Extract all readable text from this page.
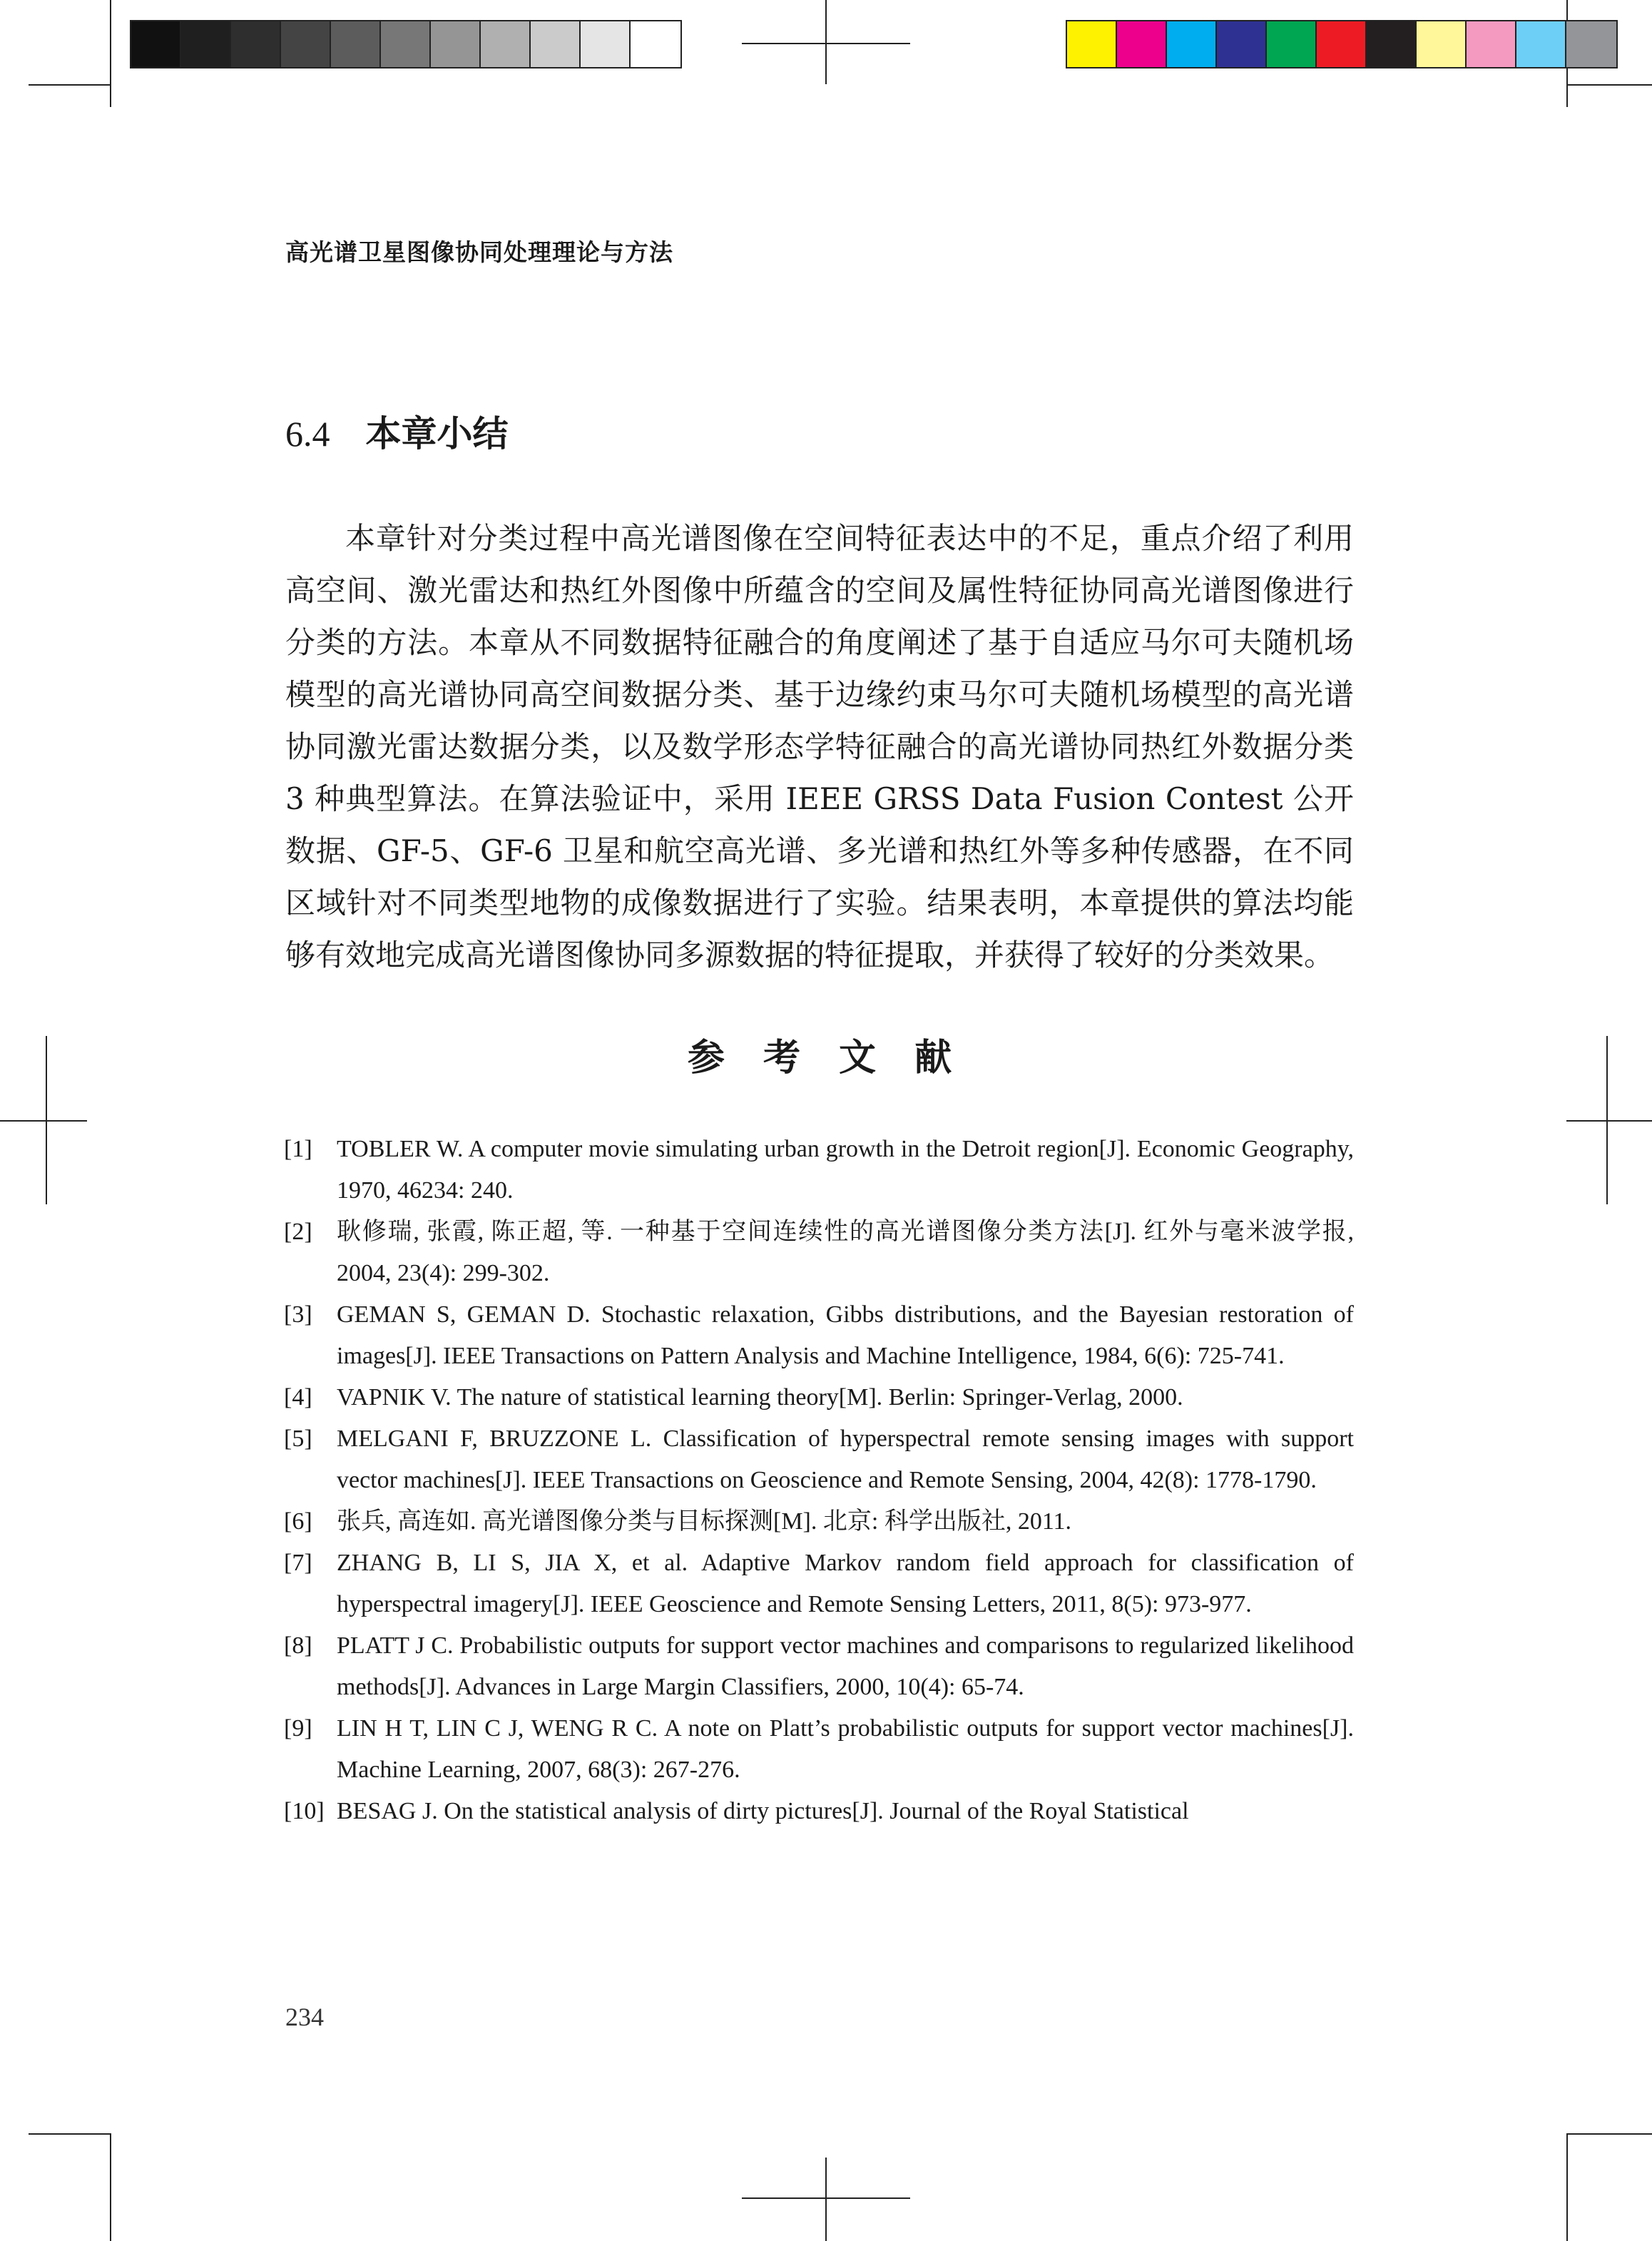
高光谱卫星图像协同处理理论与方法
6.4 本章小结

本章针对分类过程中高光谱图像在空间特征表达中的不足，重点介绍了利用高空间、激光雷达和热红外图像中所蕴含的空间及属性特征协同高光谱图像进行分类的方法。本章从不同数据特征融合的角度阐述了基于自适应马尔可夫随机场模型的高光谱协同高空间数据分类、基于边缘约束马尔可夫随机场模型的高光谱协同激光雷达数据分类，以及数学形态学特征融合的高光谱协同热红外数据分类 3 种典型算法。在算法验证中，采用 IEEE GRSS Data Fusion Contest 公开数据、GF-5、GF-6 卫星和航空高光谱、多光谱和热红外等多种传感器，在不同区域针对不同类型地物的成像数据进行了实验。结果表明，本章提供的算法均能够有效地完成高光谱图像协同多源数据的特征提取，并获得了较好的分类效果。

参 考 文 献
[1] TOBLER W. A computer movie simulating urban growth in the Detroit region[J]. Economic Geography, 1970, 46234: 240.
[2] 耿修瑞, 张霞, 陈正超, 等. 一种基于空间连续性的高光谱图像分类方法[J]. 红外与毫米波学报, 2004, 23(4): 299-302.
[3] GEMAN S, GEMAN D. Stochastic relaxation, Gibbs distributions, and the Bayesian restoration of images[J]. IEEE Transactions on Pattern Analysis and Machine Intelligence, 1984, 6(6): 725-741.
[4] VAPNIK V. The nature of statistical learning theory[M]. Berlin: Springer-Verlag, 2000.
[5] MELGANI F, BRUZZONE L. Classification of hyperspectral remote sensing images with support vector machines[J]. IEEE Transactions on Geoscience and Remote Sensing, 2004, 42(8): 1778-1790.
[6] 张兵, 高连如. 高光谱图像分类与目标探测[M]. 北京: 科学出版社, 2011.
[7] ZHANG B, LI S, JIA X, et al. Adaptive Markov random field approach for classification of hyperspectral imagery[J]. IEEE Geoscience and Remote Sensing Letters, 2011, 8(5): 973-977.
[8] PLATT J C. Probabilistic outputs for support vector machines and comparisons to regularized likelihood methods[J]. Advances in Large Margin Classifiers, 2000, 10(4): 65-74.
[9] LIN H T, LIN C J, WENG R C. A note on Platt’s probabilistic outputs for support vector machines[J]. Machine Learning, 2007, 68(3): 267-276.
[10] BESAG J. On the statistical analysis of dirty pictures[J]. Journal of the Royal Statistical
234
